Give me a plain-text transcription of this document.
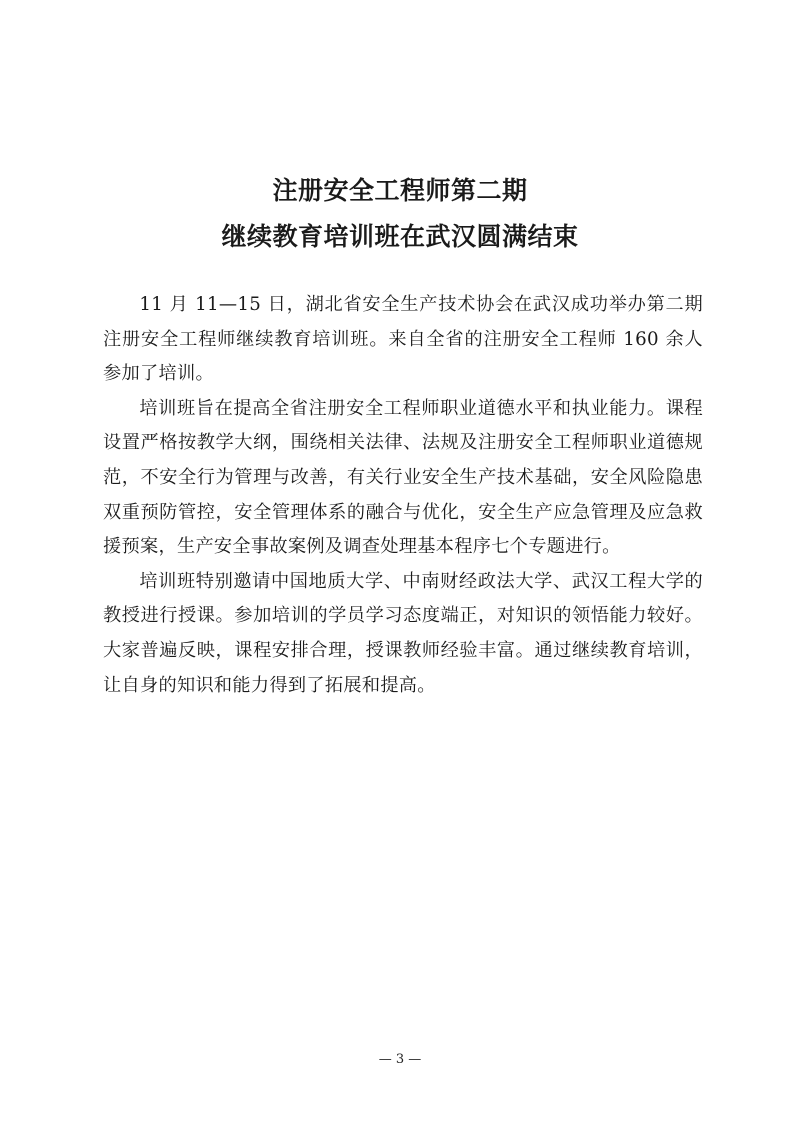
注册安全工程师第二期

继续教育培训班在武汉圆满结束

11 月 11—15 日，湖北省安全生产技术协会在武汉成功举办第二期注册安全工程师继续教育培训班。来自全省的注册安全工程师 160 余人参加了培训。

培训班旨在提高全省注册安全工程师职业道德水平和执业能力。课程设置严格按教学大纲，围绕相关法律、法规及注册安全工程师职业道德规范，不安全行为管理与改善，有关行业安全生产技术基础，安全风险隐患双重预防管控，安全管理体系的融合与优化，安全生产应急管理及应急救援预案，生产安全事故案例及调查处理基本程序七个专题进行。

培训班特别邀请中国地质大学、中南财经政法大学、武汉工程大学的教授进行授课。参加培训的学员学习态度端正，对知识的领悟能力较好。大家普遍反映，课程安排合理，授课教师经验丰富。通过继续教育培训，让自身的知识和能力得到了拓展和提高。

— 3 —
